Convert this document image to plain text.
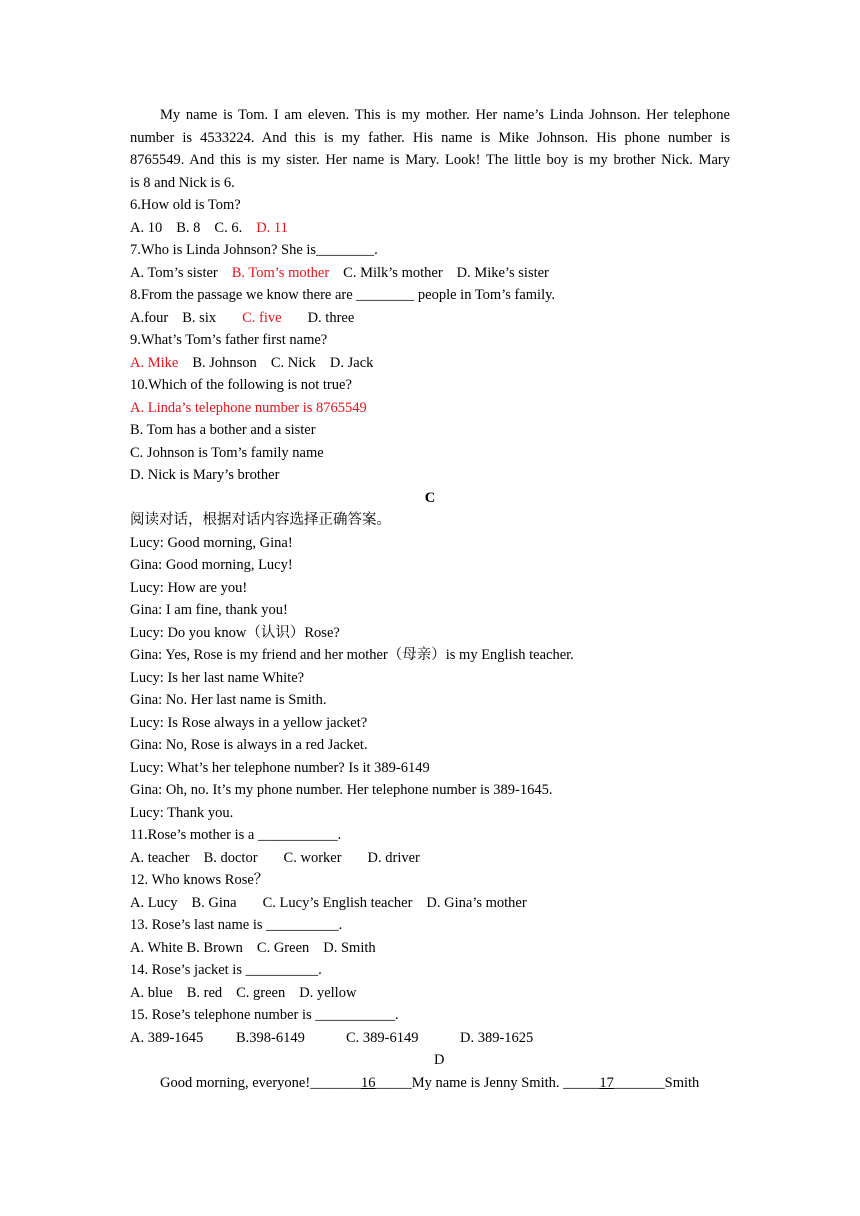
My name is Tom. I am eleven. This is my mother. Her name’s Linda Johnson. Her telephone
number is 4533224. And this is my father. His name is Mike Johnson. His phone number is
8765549. And this is my sister. Her name is Mary. Look! The little boy is my brother Nick. Mary
is 8 and Nick is 6.
6.How old is Tom?
A. 10 B. 8 C. 6. D. 11
7.Who is Linda Johnson? She is________.
A. Tom’s sister B. Tom’s mother C. Milk’s mother D. Mike’s sister
8.From the passage we know there are ________ people in Tom’s family.
A.four B. six C. five D. three
9.What’s Tom’s father first name?
A. Mike B. Johnson C. Nick D. Jack
10.Which of the following is not true?
A. Linda’s telephone number is 8765549
B. Tom has a bother and a sister
C. Johnson is Tom’s family name
D. Nick is Mary’s brother
C
阅读对话，根据对话内容选择正确答案。
Lucy: Good morning, Gina!
Gina: Good morning, Lucy!
Lucy: How are you!
Gina: I am fine, thank you!
Lucy: Do you know（认识）Rose?
Gina: Yes, Rose is my friend and her mother（母亲）is my English teacher.
Lucy: Is her last name White?
Gina: No. Her last name is Smith.
Lucy: Is Rose always in a yellow jacket?
Gina: No, Rose is always in a red Jacket.
Lucy: What’s her telephone number? Is it 389-6149
Gina: Oh, no. It’s my phone number. Her telephone number is 389-1645.
Lucy: Thank you.
11.Rose’s mother is a ___________.
A. teacher B. doctor C. worker D. driver
12. Who knows Rose？
A. Lucy B. Gina C. Lucy’s English teacher D. Gina’s mother
13. Rose’s last name is __________.
A. White B. Brown C. Green D. Smith
14. Rose’s jacket is __________.
A. blue B. red C. green D. yellow
15. Rose’s telephone number is ___________.
A. 389-1645 B.398-6149	C. 389-6149	D. 389-1625
D
Good morning, everyone!_______16_____My name is Jenny Smith. _____17_______Smith
